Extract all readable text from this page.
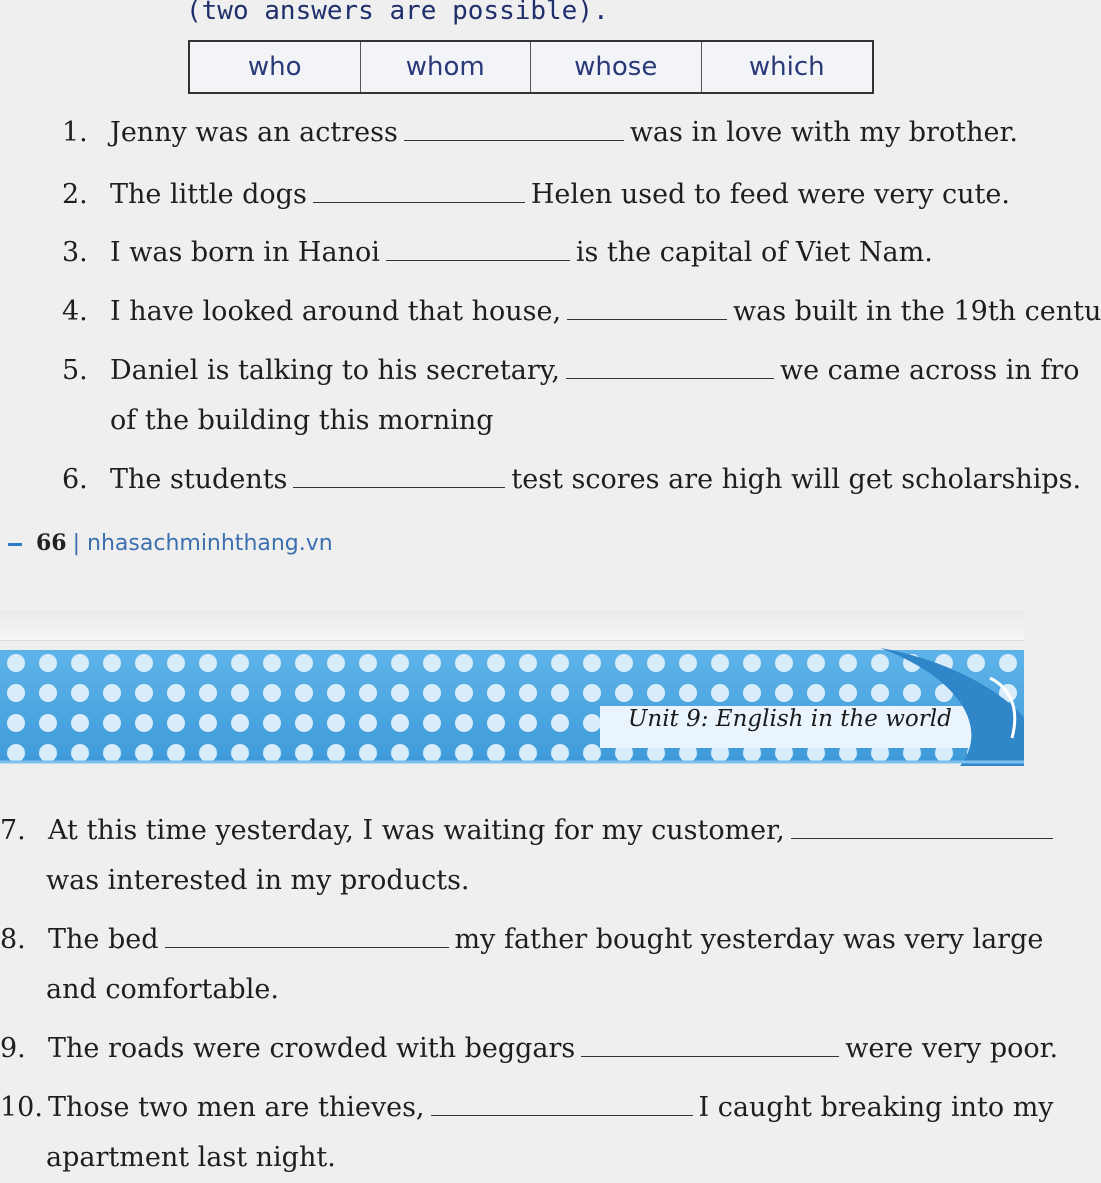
(two answers are possible).
who	whom	whose	which
1. Jenny was an actress	was in love with my brother.
2. The little dogs	Helen used to feed were very cute.
3. I was born in Hanoi	is the capital of Viet Nam.
4. I have looked around that house,	was built in the 19th centu
5. Daniel is talking to his secretary,	we came across in fro
of the building this morning
6. The students	test scores are high will get scholarships.
66 | nhasachminhthang.vn
Unit 9: English in the world
7. At this time yesterday, I was waiting for my customer,
was interested in my products.
8. The bed	my father bought yesterday was very large
and comfortable.
9. The roads were crowded with beggars	were very poor.
10. Those two men are thieves,	I caught breaking into my
apartment last night.
